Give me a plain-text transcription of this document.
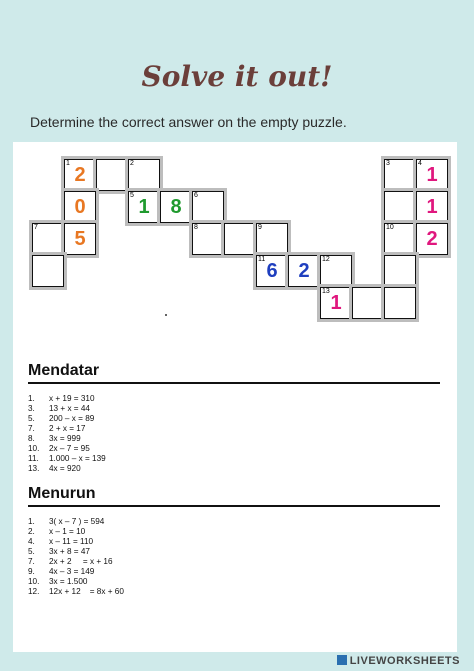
Solve it out!
Determine the correct answer on the empty puzzle.
1
2
2	3	4
1
0
5
1	8
6
1
7
5
8	9	10
2
11
6	2
12
13
1
Mendatar
1. x + 19 = 310
3. 13 + x = 44
5. 200 – x = 89
7. 2 + x = 17
8. 3x = 999
10. 2x – 7 = 95
11. 1.000 – x = 139
13. 4x = 920
Menurun
1. 3( x – 7 ) = 594
2. x – 1 = 10
4. x – 11 = 110
5. 3x + 8 = 47
7. 2x + 2     = x + 16
9. 4x – 3 = 149
10. 3x = 1.500
12. 12x + 12    = 8x + 60
LIVEWORKSHEETS
